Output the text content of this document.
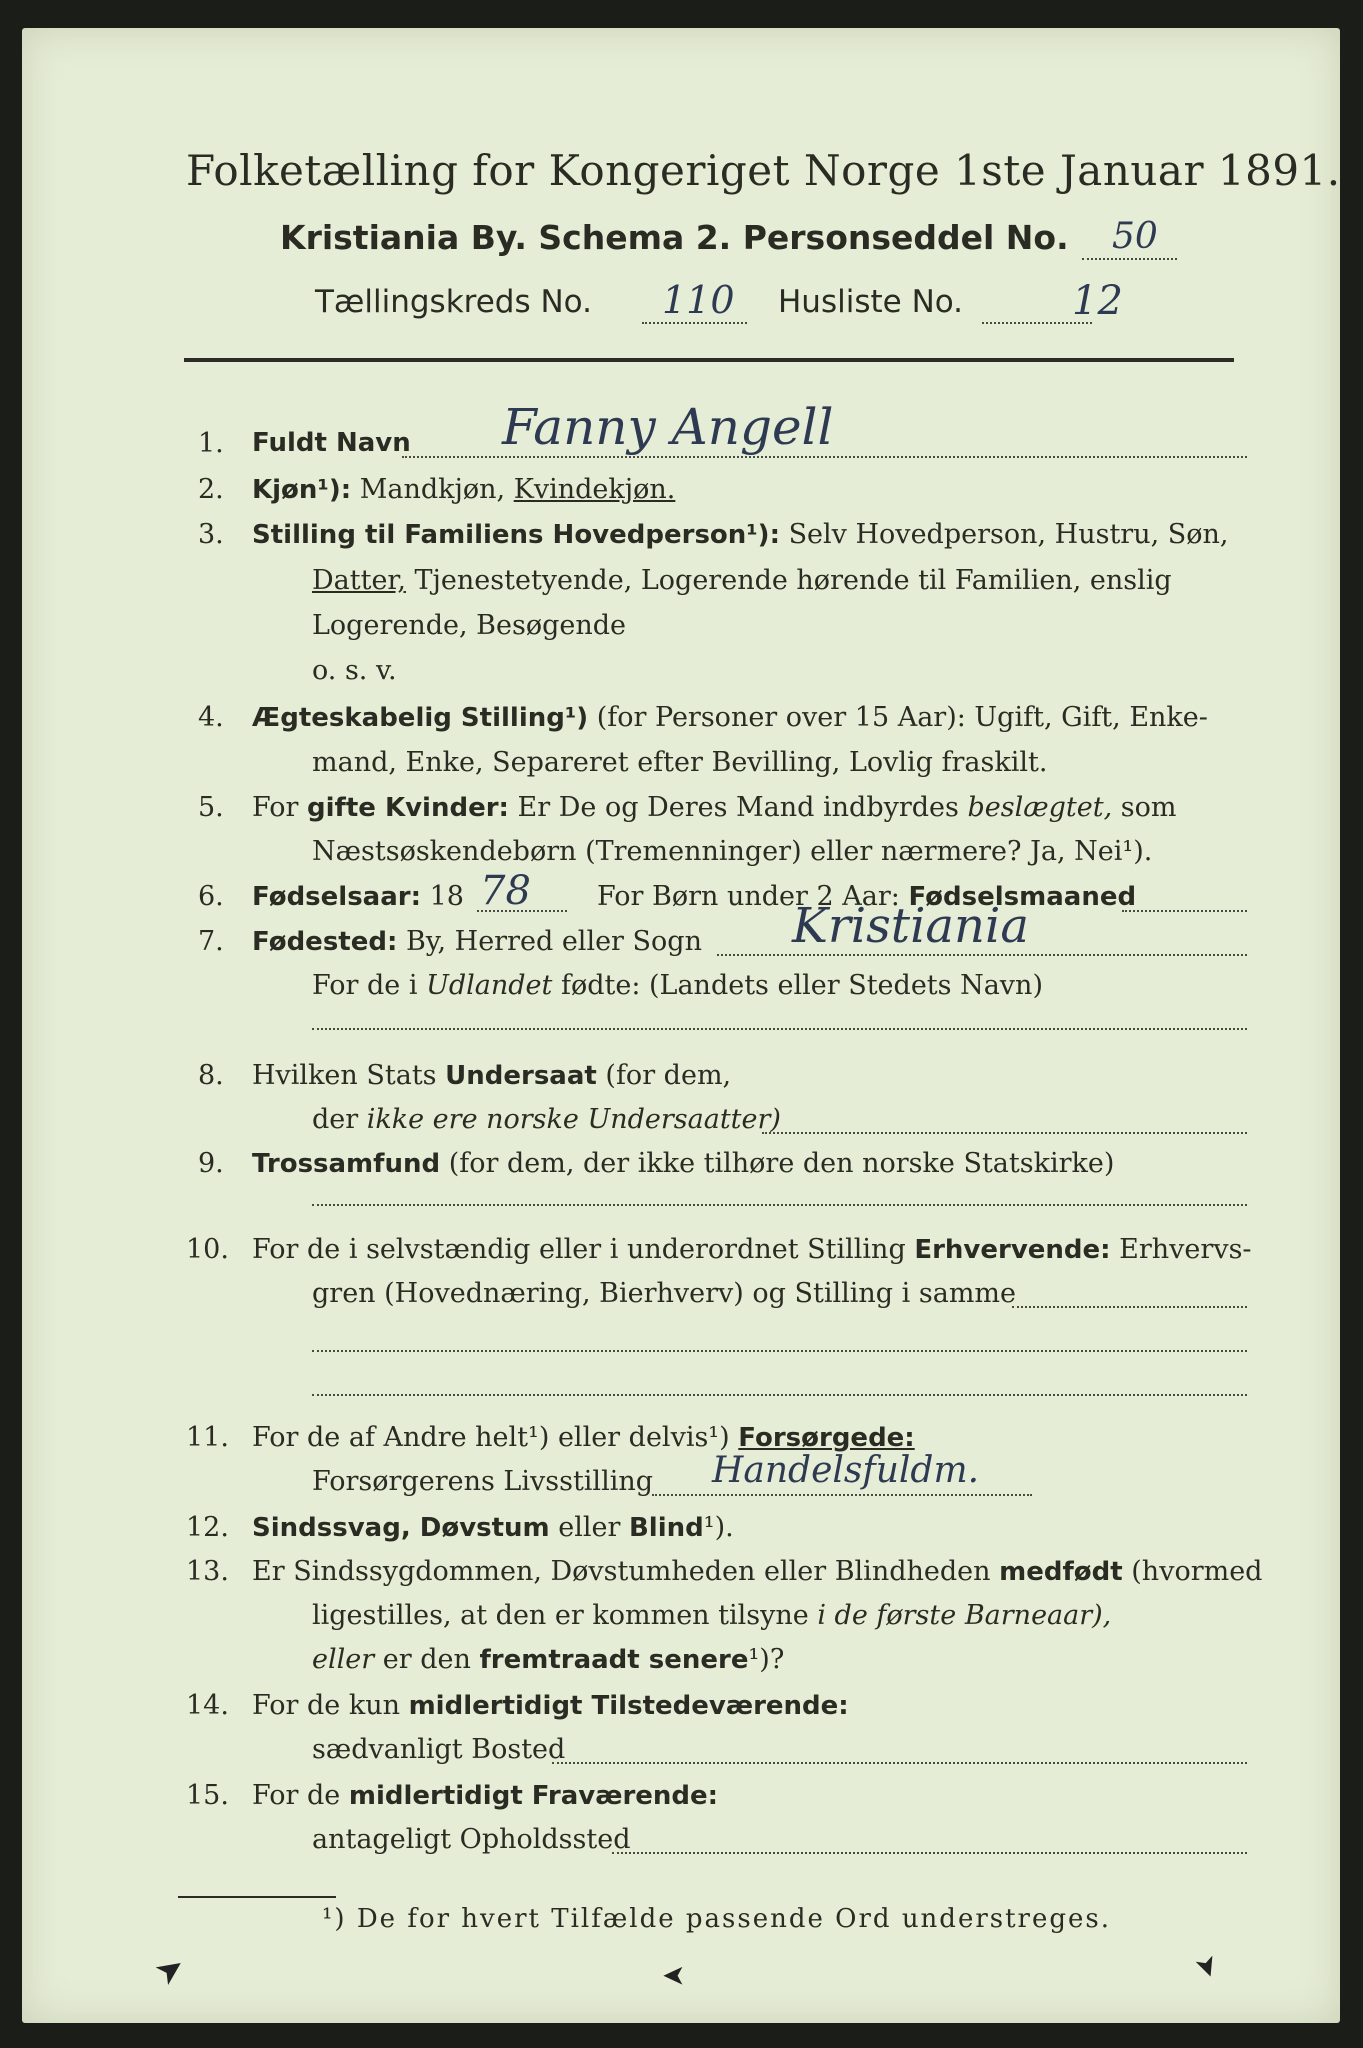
Folketælling for Kongeriget Norge 1ste Januar 1891.
Kristiania By. Schema 2. Personseddel No. 50
Tællingskreds No. 110 Husliste No.	12
1. Fuldt Navn Fanny Angell
2. Kjøn¹): Mandkjøn, Kvindekjøn.
3. Stilling til Familiens Hovedperson¹): Selv Hovedperson, Hustru, Søn,
Datter, Tjenestetyende, Logerende hørende til Familien, enslig
Logerende, Besøgende
o. s. v.
4. Ægteskabelig Stilling¹) (for Personer over 15 Aar): Ugift, Gift, Enke-
mand, Enke, Separeret efter Bevilling, Lovlig fraskilt.
5. For gifte Kvinder: Er De og Deres Mand indbyrdes beslægtet, som
Næstsøskendebørn (Tremenninger) eller nærmere? Ja, Nei¹).
6. Fødselsaar: 18 78 For Børn under 2 Aar: Fødselsmaaned
7. Fødested: By, Herred eller Sogn Kristiania
For de i Udlandet fødte: (Landets eller Stedets Navn)
8. Hvilken Stats Undersaat (for dem,
der ikke ere norske Undersaatter)
9. Trossamfund (for dem, der ikke tilhøre den norske Statskirke)
10. For de i selvstændig eller i underordnet Stilling Erhvervende: Erhvervs-
gren (Hovednæring, Bierhverv) og Stilling i samme
11. For de af Andre helt¹) eller delvis¹) Forsørgede:
Forsørgerens Livsstilling Handelsfuldm.
12. Sindssvag, Døvstum eller Blind¹).
13. Er Sindssygdommen, Døvstumheden eller Blindheden medfødt (hvormed
ligestilles, at den er kommen tilsyne i de første Barneaar),
eller er den fremtraadt senere¹)?
14. For de kun midlertidigt Tilstedeværende:
sædvanligt Bosted
15. For de midlertidigt Fraværende:
antageligt Opholdssted
¹) De for hvert Tilfælde passende Ord understreges.
➤	➤	➤
